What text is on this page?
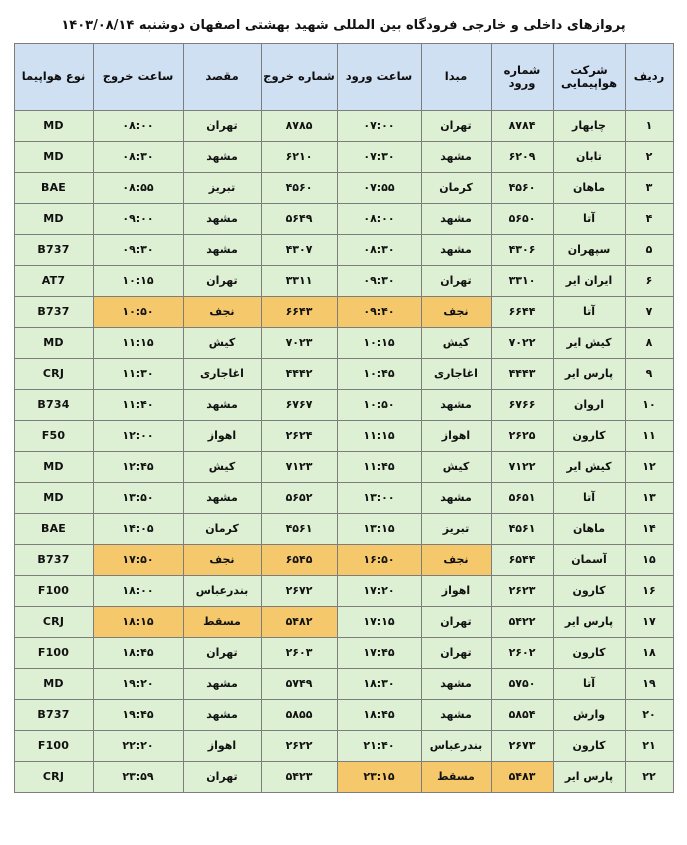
پروازهای داخلی و خارجی فرودگاه بین المللی شهید بهشتی اصفهان دوشنبه ۱۴۰۳/۰۸/۱۴
ردیف	شرکت هواپیمایی	شماره ورود	مبدا	ساعت ورود	شماره خروج	مقصد	ساعت خروج	نوع هواپیما
۱	چابهار	۸۷۸۴	تهران	۰۷:۰۰	۸۷۸۵	تهران	۰۸:۰۰	MD
۲	تابان	۶۲۰۹	مشهد	۰۷:۳۰	۶۲۱۰	مشهد	۰۸:۳۰	MD
۳	ماهان	۴۵۶۰	کرمان	۰۷:۵۵	۴۵۶۰	تبریز	۰۸:۵۵	BAE
۴	آتا	۵۶۵۰	مشهد	۰۸:۰۰	۵۶۴۹	مشهد	۰۹:۰۰	MD
۵	سپهران	۴۳۰۶	مشهد	۰۸:۳۰	۴۳۰۷	مشهد	۰۹:۳۰	B737
۶	ایران ایر	۳۳۱۰	تهران	۰۹:۳۰	۳۳۱۱	تهران	۱۰:۱۵	AT7
۷	آتا	۶۶۴۴	نجف	۰۹:۴۰	۶۶۴۳	نجف	۱۰:۵۰	B737
۸	کیش ایر	۷۰۲۲	کیش	۱۰:۱۵	۷۰۲۳	کیش	۱۱:۱۵	MD
۹	پارس ایر	۴۴۴۳	اغاجاری	۱۰:۴۵	۴۴۴۲	اغاجاری	۱۱:۳۰	CRJ
۱۰	اروان	۶۷۶۶	مشهد	۱۰:۵۰	۶۷۶۷	مشهد	۱۱:۴۰	B734
۱۱	کارون	۲۶۲۵	اهواز	۱۱:۱۵	۲۶۲۴	اهواز	۱۲:۰۰	F50
۱۲	کیش ایر	۷۱۲۲	کیش	۱۱:۴۵	۷۱۲۳	کیش	۱۲:۴۵	MD
۱۳	آتا	۵۶۵۱	مشهد	۱۳:۰۰	۵۶۵۲	مشهد	۱۳:۵۰	MD
۱۴	ماهان	۴۵۶۱	تبریز	۱۳:۱۵	۴۵۶۱	کرمان	۱۴:۰۵	BAE
۱۵	آسمان	۶۵۴۴	نجف	۱۶:۵۰	۶۵۴۵	نجف	۱۷:۵۰	B737
۱۶	کارون	۲۶۲۳	اهواز	۱۷:۲۰	۲۶۷۲	بندرعباس	۱۸:۰۰	F100
۱۷	پارس ایر	۵۴۲۲	تهران	۱۷:۱۵	۵۴۸۲	مسقط	۱۸:۱۵	CRJ
۱۸	کارون	۲۶۰۲	تهران	۱۷:۴۵	۲۶۰۳	تهران	۱۸:۴۵	F100
۱۹	آتا	۵۷۵۰	مشهد	۱۸:۳۰	۵۷۴۹	مشهد	۱۹:۲۰	MD
۲۰	وارش	۵۸۵۴	مشهد	۱۸:۴۵	۵۸۵۵	مشهد	۱۹:۴۵	B737
۲۱	کارون	۲۶۷۳	بندرعباس	۲۱:۴۰	۲۶۲۲	اهواز	۲۲:۲۰	F100
۲۲	پارس ایر	۵۴۸۳	مسقط	۲۳:۱۵	۵۴۲۳	تهران	۲۳:۵۹	CRJ
